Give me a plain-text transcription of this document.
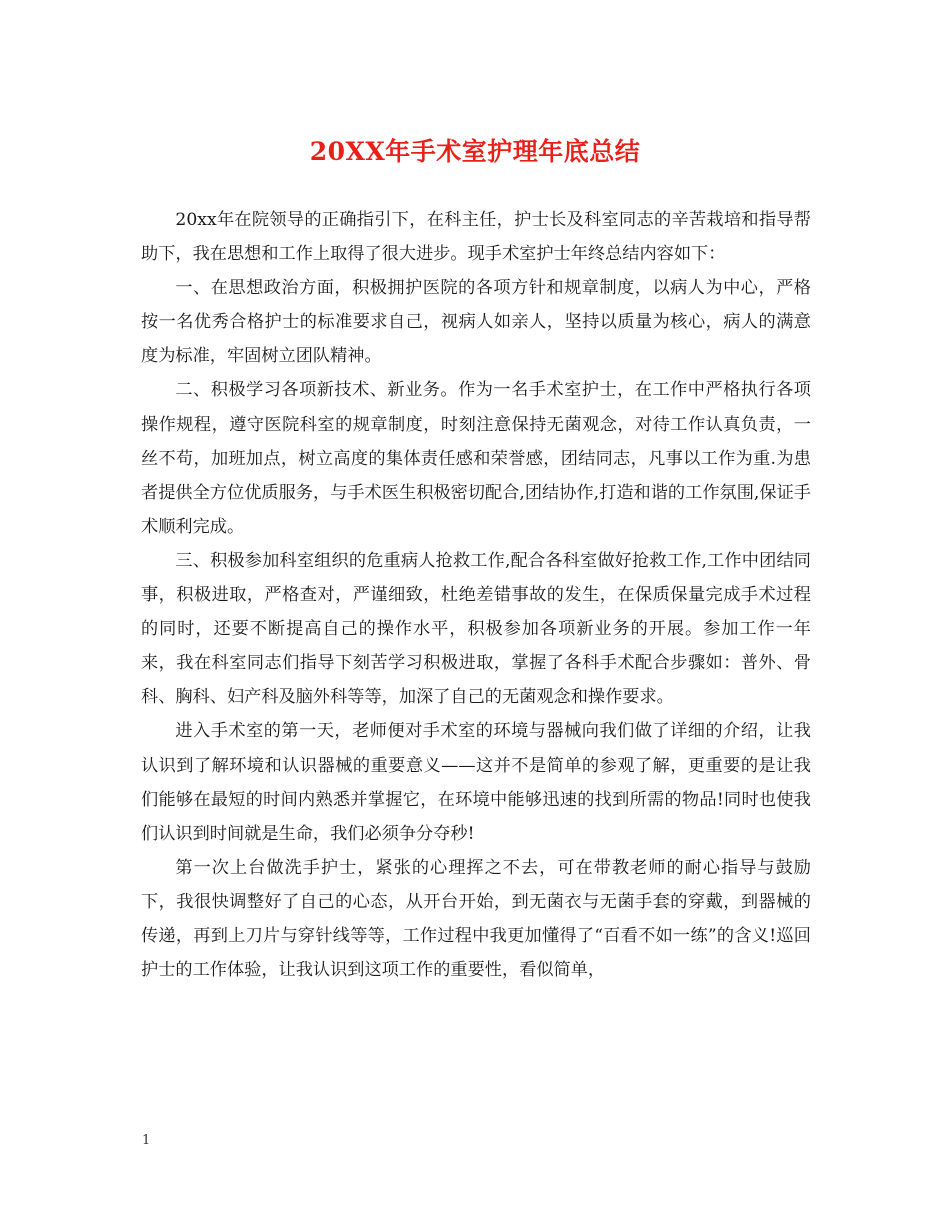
20XX年手术室护理年底总结

20xx年在院领导的正确指引下，在科主任，护士长及科室同志的辛苦栽培和指导帮助下，我在思想和工作上取得了很大进步。现手术室护士年终总结内容如下：

一、在思想政治方面，积极拥护医院的各项方针和规章制度，以病人为中心，严格按一名优秀合格护士的标准要求自己，视病人如亲人，坚持以质量为核心，病人的满意度为标准，牢固树立团队精神。

二、积极学习各项新技术、新业务。作为一名手术室护士，在工作中严格执行各项操作规程，遵守医院科室的规章制度，时刻注意保持无菌观念，对待工作认真负责，一丝不苟，加班加点，树立高度的集体责任感和荣誉感，团结同志，凡事以工作为重.为患者提供全方位优质服务，与手术医生积极密切配合,团结协作,打造和谐的工作氛围,保证手术顺利完成。

三、积极参加科室组织的危重病人抢救工作,配合各科室做好抢救工作,工作中团结同事，积极进取，严格查对，严谨细致，杜绝差错事故的发生，在保质保量完成手术过程的同时，还要不断提高自己的操作水平，积极参加各项新业务的开展。参加工作一年来，我在科室同志们指导下刻苦学习积极进取，掌握了各科手术配合步骤如：普外、骨科、胸科、妇产科及脑外科等等，加深了自己的无菌观念和操作要求。

进入手术室的第一天，老师便对手术室的环境与器械向我们做了详细的介绍，让我认识到了解环境和认识器械的重要意义——这并不是简单的参观了解，更重要的是让我们能够在最短的时间内熟悉并掌握它，在环境中能够迅速的找到所需的物品!同时也使我们认识到时间就是生命，我们必须争分夺秒!

第一次上台做洗手护士，紧张的心理挥之不去，可在带教老师的耐心指导与鼓励下，我很快调整好了自己的心态，从开台开始，到无菌衣与无菌手套的穿戴，到器械的传递，再到上刀片与穿针线等等，工作过程中我更加懂得了“百看不如一练”的含义!巡回护士的工作体验，让我认识到这项工作的重要性，看似简单，

1
